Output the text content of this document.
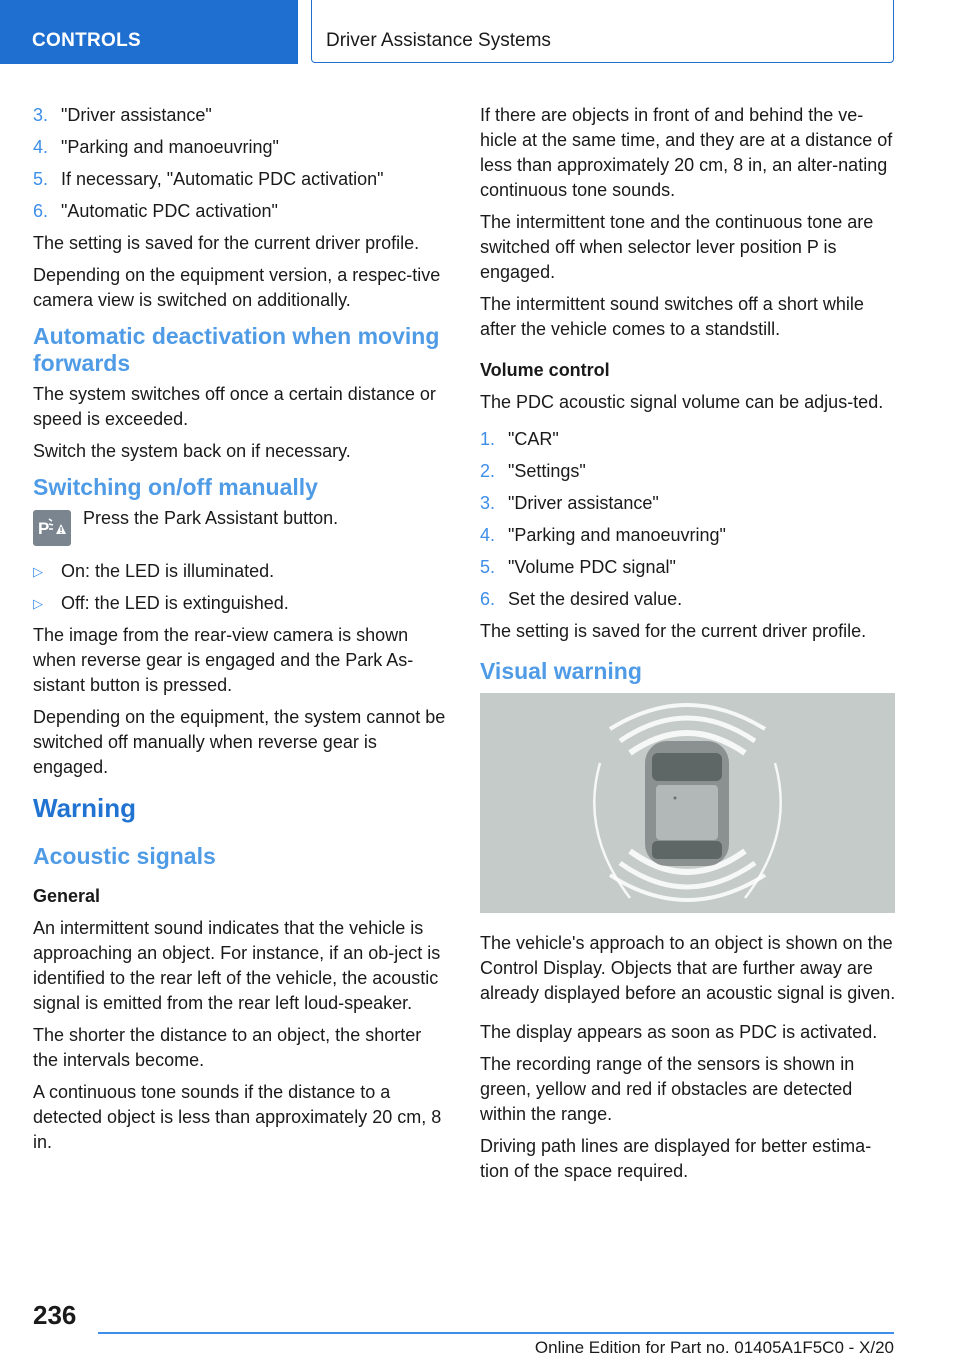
CONTROLS	Driver Assistance Systems
3. "Driver assistance"
4. "Parking and manoeuvring"
5. If necessary, "Automatic PDC activation"
6. "Automatic PDC activation"

The setting is saved for the current driver profile.

Depending on the equipment version, a respec-tive camera view is switched on additionally.

Automatic deactivation when moving forwards

The system switches off once a certain distance or speed is exceeded.

Switch the system back on if necessary.

Switching on/off manually
P
Press the Park Assistant button.
▷ On: the LED is illuminated.
▷ Off: the LED is extinguished.

The image from the rear-view camera is shown when reverse gear is engaged and the Park As-sistant button is pressed.

Depending on the equipment, the system cannot be switched off manually when reverse gear is engaged.

Warning
Acoustic signals
General

An intermittent sound indicates that the vehicle is approaching an object. For instance, if an ob-ject is identified to the rear left of the vehicle, the acoustic signal is emitted from the rear left loud-speaker.

The shorter the distance to an object, the shorter the intervals become.

A continuous tone sounds if the distance to a detected object is less than approximately 20 cm, 8 in.

If there are objects in front of and behind the ve-hicle at the same time, and they are at a distance of less than approximately 20 cm, 8 in, an alter-nating continuous tone sounds.

The intermittent tone and the continuous tone are switched off when selector lever position P is engaged.

The intermittent sound switches off a short while after the vehicle comes to a standstill.

Volume control

The PDC acoustic signal volume can be adjus-ted.

1. "CAR"
2. "Settings"
3. "Driver assistance"
4. "Parking and manoeuvring"
5. "Volume PDC signal"
6. Set the desired value.

The setting is saved for the current driver profile.

Visual warning

The vehicle's approach to an object is shown on the Control Display. Objects that are further away are already displayed before an acoustic signal is given.

The display appears as soon as PDC is activated.

The recording range of the sensors is shown in green, yellow and red if obstacles are detected within the range.

Driving path lines are displayed for better estima-tion of the space required.

236
Online Edition for Part no. 01405A1F5C0 - X/20
